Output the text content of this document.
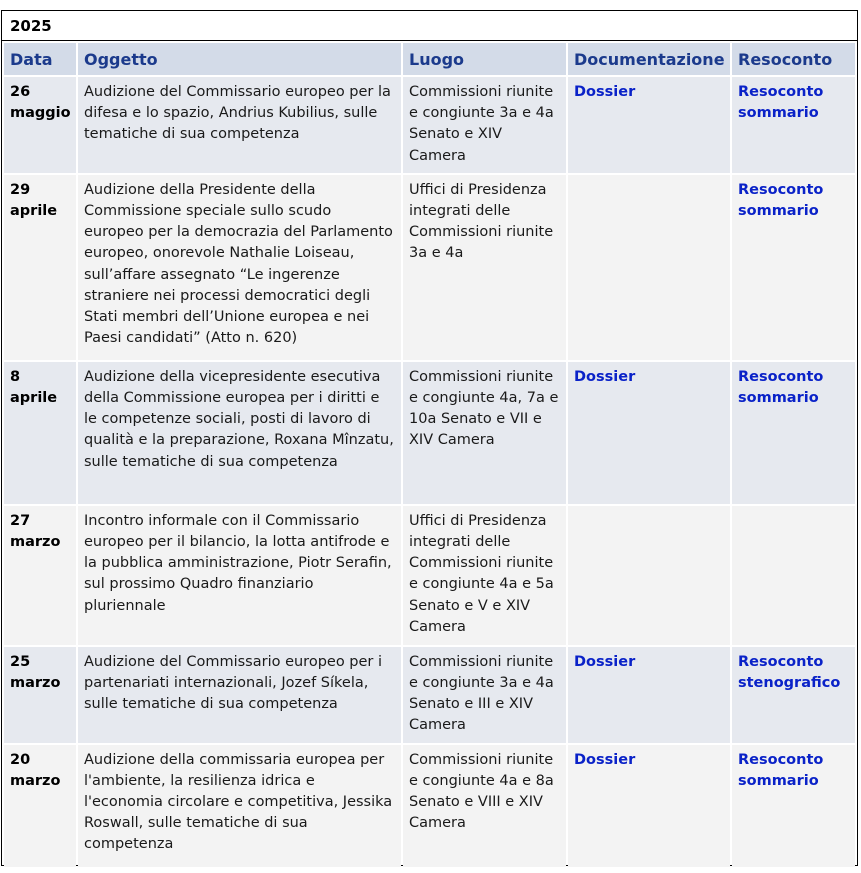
2025
Data	Oggetto	Luogo	Documentazione	Resoconto
26 maggio	Audizione del Commissario europeo per la difesa e lo spazio, Andrius Kubilius, sulle tematiche di sua competenza	Commissioni riunite e congiunte 3a e 4a Senato e XIV Camera	Dossier	Resoconto sommario
29 aprile	Audizione della Presidente della Commissione speciale sullo scudo europeo per la democrazia del Parlamento europeo, onorevole Nathalie Loiseau, sull’affare assegnato “Le ingerenze straniere nei processi democratici degli Stati membri dell’Unione europea e nei Paesi candidati” (Atto n. 620)	Uffici di Presidenza integrati delle Commissioni riunite 3a e 4a		Resoconto sommario
8 aprile	Audizione della vicepresidente esecutiva della Commissione europea per i diritti e le competenze sociali, posti di lavoro di qualità e la preparazione, Roxana Mînzatu, sulle tematiche di sua competenza	Commissioni riunite e congiunte 4a, 7a e 10a Senato e VII e XIV Camera	Dossier	Resoconto sommario
27 marzo	Incontro informale con il Commissario europeo per il bilancio, la lotta antifrode e la pubblica amministrazione, Piotr Serafin, sul prossimo Quadro finanziario pluriennale	Uffici di Presidenza integrati delle Commissioni riunite e congiunte 4a e 5a Senato e V e XIV Camera		
25 marzo	Audizione del Commissario europeo per i partenariati internazionali, Jozef Síkela, sulle tematiche di sua competenza	Commissioni riunite e congiunte 3a e 4a Senato e III e XIV Camera	Dossier	Resoconto stenografico
20 marzo	Audizione della commissaria europea per l'ambiente, la resilienza idrica e l'economia circolare e competitiva, Jessika Roswall, sulle tematiche di sua competenza	Commissioni riunite e congiunte 4a e 8a Senato e VIII e XIV Camera	Dossier	Resoconto sommario
